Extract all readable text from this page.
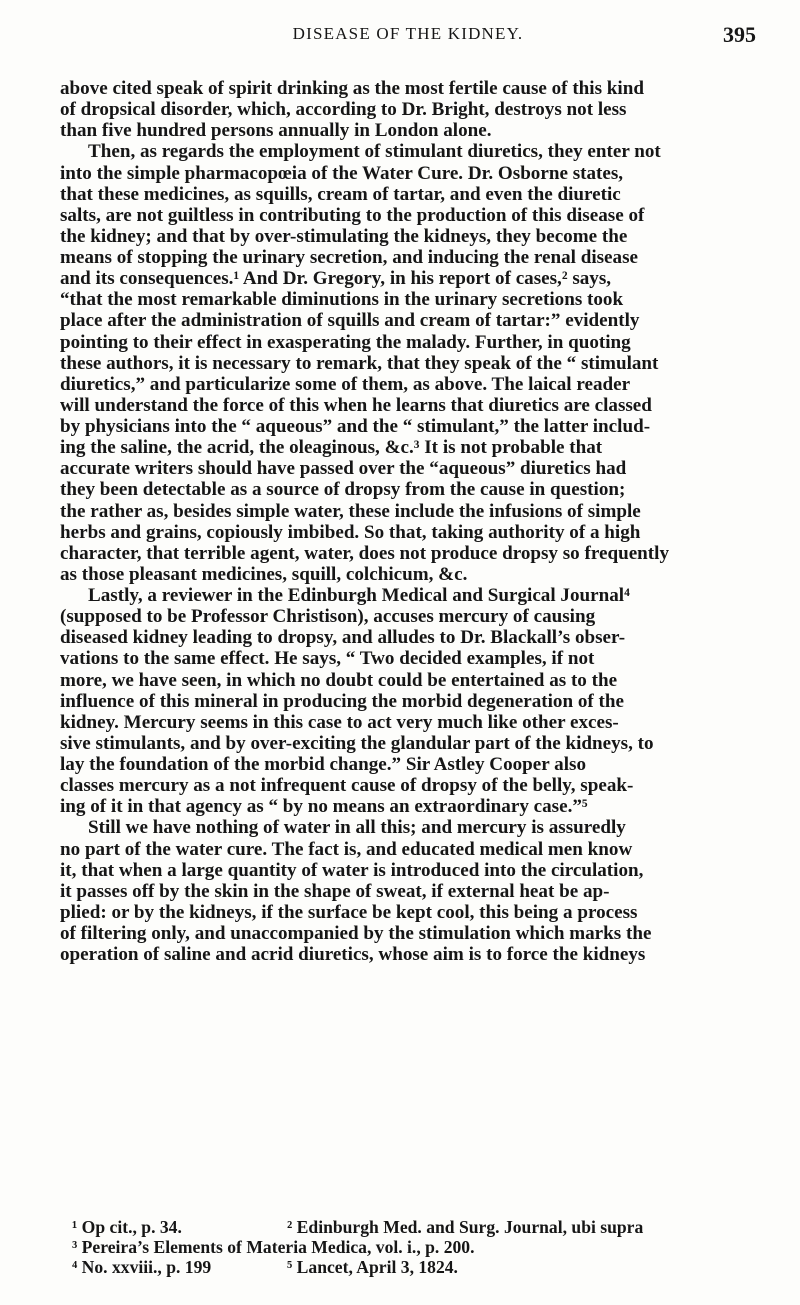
DISEASE OF THE KIDNEY.	395
above cited speak of spirit drinking as the most fertile cause of this kind
of dropsical disorder, which, according to Dr. Bright, destroys not less
than five hundred persons annually in London alone.
Then, as regards the employment of stimulant diuretics, they enter not
into the simple pharmacopœia of the Water Cure. Dr. Osborne states,
that these medicines, as squills, cream of tartar, and even the diuretic
salts, are not guiltless in contributing to the production of this disease of
the kidney; and that by over-stimulating the kidneys, they become the
means of stopping the urinary secretion, and inducing the renal disease
and its consequences.¹ And Dr. Gregory, in his report of cases,² says,
“that the most remarkable diminutions in the urinary secretions took
place after the administration of squills and cream of tartar:” evidently
pointing to their effect in exasperating the malady. Further, in quoting
these authors, it is necessary to remark, that they speak of the “ stimulant
diuretics,” and particularize some of them, as above. The laical reader
will understand the force of this when he learns that diuretics are classed
by physicians into the “ aqueous” and the “ stimulant,” the latter includ-
ing the saline, the acrid, the oleaginous, &c.³ It is not probable that
accurate writers should have passed over the “aqueous” diuretics had
they been detectable as a source of dropsy from the cause in question;
the rather as, besides simple water, these include the infusions of simple
herbs and grains, copiously imbibed. So that, taking authority of a high
character, that terrible agent, water, does not produce dropsy so frequently
as those pleasant medicines, squill, colchicum, &c.
Lastly, a reviewer in the Edinburgh Medical and Surgical Journal⁴
(supposed to be Professor Christison), accuses mercury of causing
diseased kidney leading to dropsy, and alludes to Dr. Blackall’s obser-
vations to the same effect. He says, “ Two decided examples, if not
more, we have seen, in which no doubt could be entertained as to the
influence of this mineral in producing the morbid degeneration of the
kidney. Mercury seems in this case to act very much like other exces-
sive stimulants, and by over-exciting the glandular part of the kidneys, to
lay the foundation of the morbid change.” Sir Astley Cooper also
classes mercury as a not infrequent cause of dropsy of the belly, speak-
ing of it in that agency as “ by no means an extraordinary case.”⁵
Still we have nothing of water in all this; and mercury is assuredly
no part of the water cure. The fact is, and educated medical men know
it, that when a large quantity of water is introduced into the circulation,
it passes off by the skin in the shape of sweat, if external heat be ap-
plied: or by the kidneys, if the surface be kept cool, this being a process
of filtering only, and unaccompanied by the stimulation which marks the
operation of saline and acrid diuretics, whose aim is to force the kidneys
¹ Op cit., p. 34.	² Edinburgh Med. and Surg. Journal, ubi supra
³ Pereira’s Elements of Materia Medica, vol. i., p. 200.
⁴ No. xxviii., p. 199	⁵ Lancet, April 3, 1824.
